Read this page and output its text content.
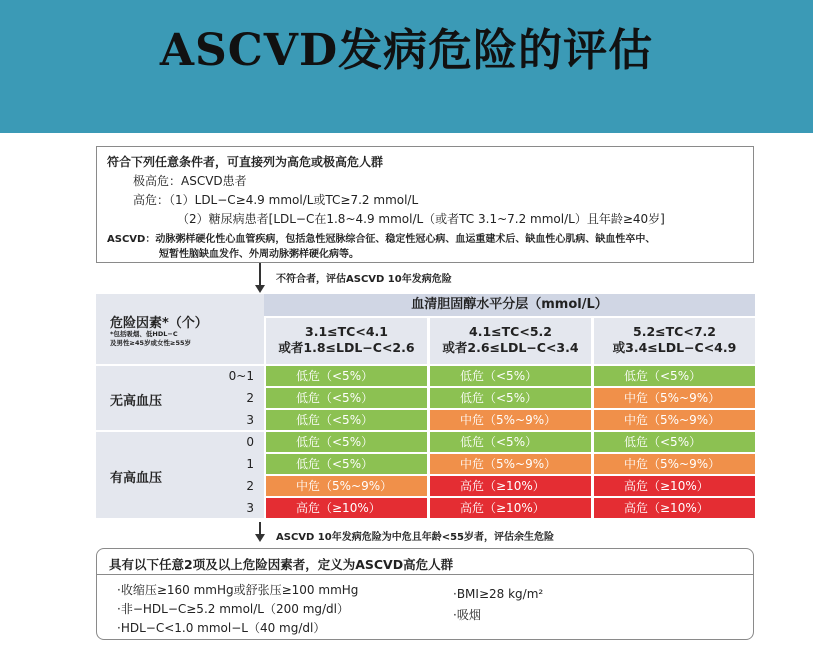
ASCVD发病危险的评估
符合下列任意条件者，可直接列为高危或极高危人群
极高危：ASCVD患者
高危：（1）LDL−C≥4.9 mmol/L或TC≥7.2 mmol/L
（2）糖尿病患者[LDL−C在1.8~4.9 mmol/L（或者TC 3.1~7.2 mmol/L）且年龄≥40岁]
ASCVD：动脉粥样硬化性心血管疾病，包括急性冠脉综合征、稳定性冠心病、血运重建术后、缺血性心肌病、缺血性卒中、
短暂性脑缺血发作、外周动脉粥样硬化病等。
不符合者，评估ASCVD 10年发病危险
危险因素*（个）
*包括吸烟、低HDL−C
及男性≥45岁或女性≥55岁
血清胆固醇水平分层（mmol/L）
3.1≤TC<4.1
或者1.8≤LDL−C<2.6
4.1≤TC<5.2
或者2.6≤LDL−C<3.4
5.2≤TC<7.2
或3.4≤LDL−C<4.9
无高血压
0~1	低危（<5%）	低危（<5%）	低危（<5%）
2	低危（<5%）	低危（<5%）	中危（5%~9%）
3	低危（<5%）	中危（5%~9%）	中危（5%~9%）
有高血压
0	低危（<5%）	低危（<5%）	低危（<5%）
1	低危（<5%）	中危（5%~9%）	中危（5%~9%）
2	中危（5%~9%）	高危（≥10%）	高危（≥10%）
3	高危（≥10%）	高危（≥10%）	高危（≥10%）
ASCVD 10年发病危险为中危且年龄<55岁者，评估余生危险
具有以下任意2项及以上危险因素者，定义为ASCVD高危人群
·收缩压≥160 mmHg或舒张压≥100 mmHg
·非−HDL−C≥5.2 mmol/L（200 mg/dl）
·HDL−C<1.0 mmol−L（40 mg/dl）
·BMI≥28 kg/m²
·吸烟
